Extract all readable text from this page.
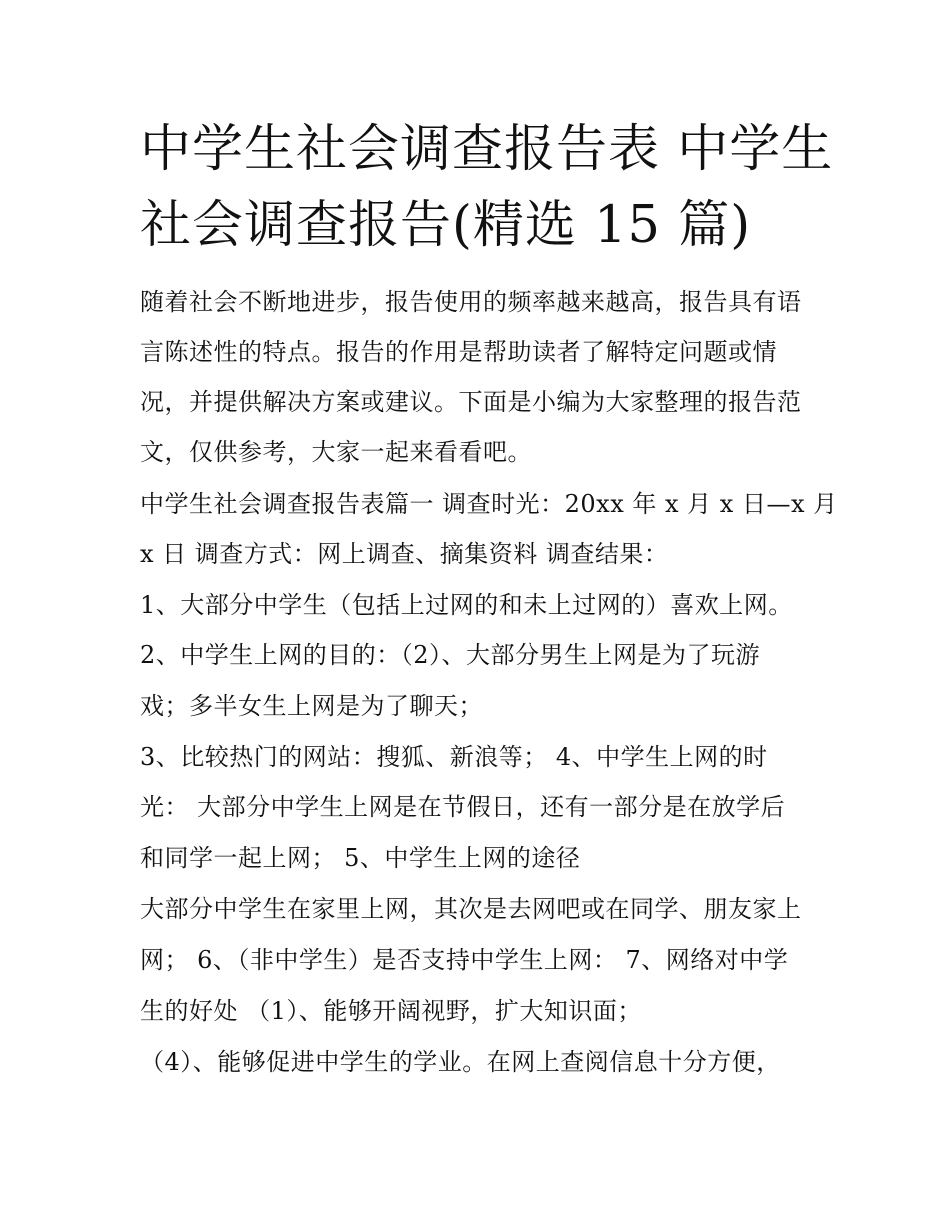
中学生社会调查报告表 中学生
社会调查报告(精选 15 篇)

随着社会不断地进步，报告使用的频率越来越高，报告具有语

言陈述性的特点。报告的作用是帮助读者了解特定问题或情

况，并提供解决方案或建议。下面是小编为大家整理的报告范

文，仅供参考，大家一起来看看吧。

中学生社会调查报告表篇一 调查时光：20xx 年 x 月 x 日—x 月

x 日 调查方式：网上调查、摘集资料 调查结果：

1、大部分中学生（包括上过网的和未上过网的）喜欢上网。

2、中学生上网的目的：（2）、大部分男生上网是为了玩游

戏；多半女生上网是为了聊天；

3、比较热门的网站：搜狐、新浪等； 4、中学生上网的时

光： 大部分中学生上网是在节假日，还有一部分是在放学后

和同学一起上网； 5、中学生上网的途径

大部分中学生在家里上网，其次是去网吧或在同学、朋友家上

网； 6、（非中学生）是否支持中学生上网： 7、网络对中学

生的好处 （1）、能够开阔视野，扩大知识面；

（4）、能够促进中学生的学业。在网上查阅信息十分方便，
